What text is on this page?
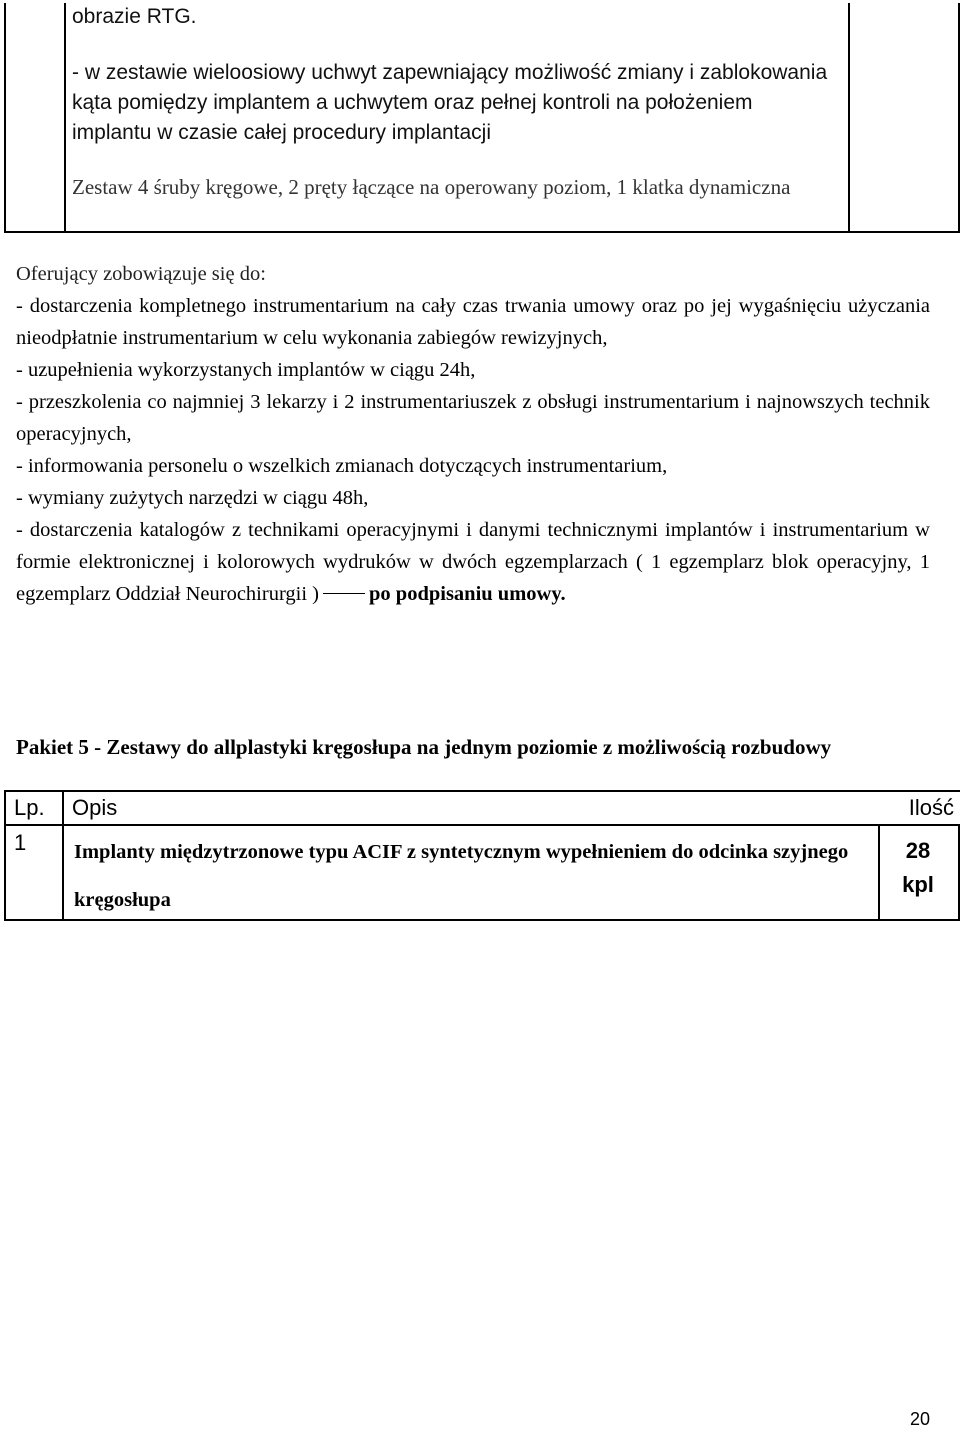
obrazie RTG.
- w zestawie wieloosiowy uchwyt zapewniający możliwość zmiany i zablokowania kąta pomiędzy implantem a uchwytem oraz pełnej kontroli na położeniem implantu w czasie całej procedury implantacji
Zestaw 4 śruby kręgowe, 2 pręty łączące na operowany poziom, 1 klatka dynamiczna

Oferujący zobowiązuje się do:

- dostarczenia kompletnego instrumentarium na cały czas trwania umowy oraz po jej wygaśnięciu użyczania nieodpłatnie instrumentarium w celu wykonania zabiegów rewizyjnych,

- uzupełnienia wykorzystanych implantów w ciągu 24h,

- przeszkolenia co najmniej 3 lekarzy i 2 instrumentariuszek z obsługi instrumentarium i najnowszych technik operacyjnych,

- informowania personelu o wszelkich zmianach dotyczących instrumentarium,

- wymiany zużytych narzędzi w ciągu 48h,

- dostarczenia katalogów z technikami operacyjnymi i danymi technicznymi implantów i instrumentarium w formie elektronicznej i kolorowych wydruków w dwóch egzemplarzach ( 1 egzemplarz blok operacyjny, 1 egzemplarz Oddział Neurochirurgii ) po podpisaniu umowy.

Pakiet 5 - Zestawy do allplastyki kręgosłupa na jednym poziomie z możliwością rozbudowy
Lp. Opis	Ilość
1 Implanty międzytrzonowe typu ACIF z syntetycznym wypełnieniem do odcinka szyjnego kręgosłupa
28
kpl
20
